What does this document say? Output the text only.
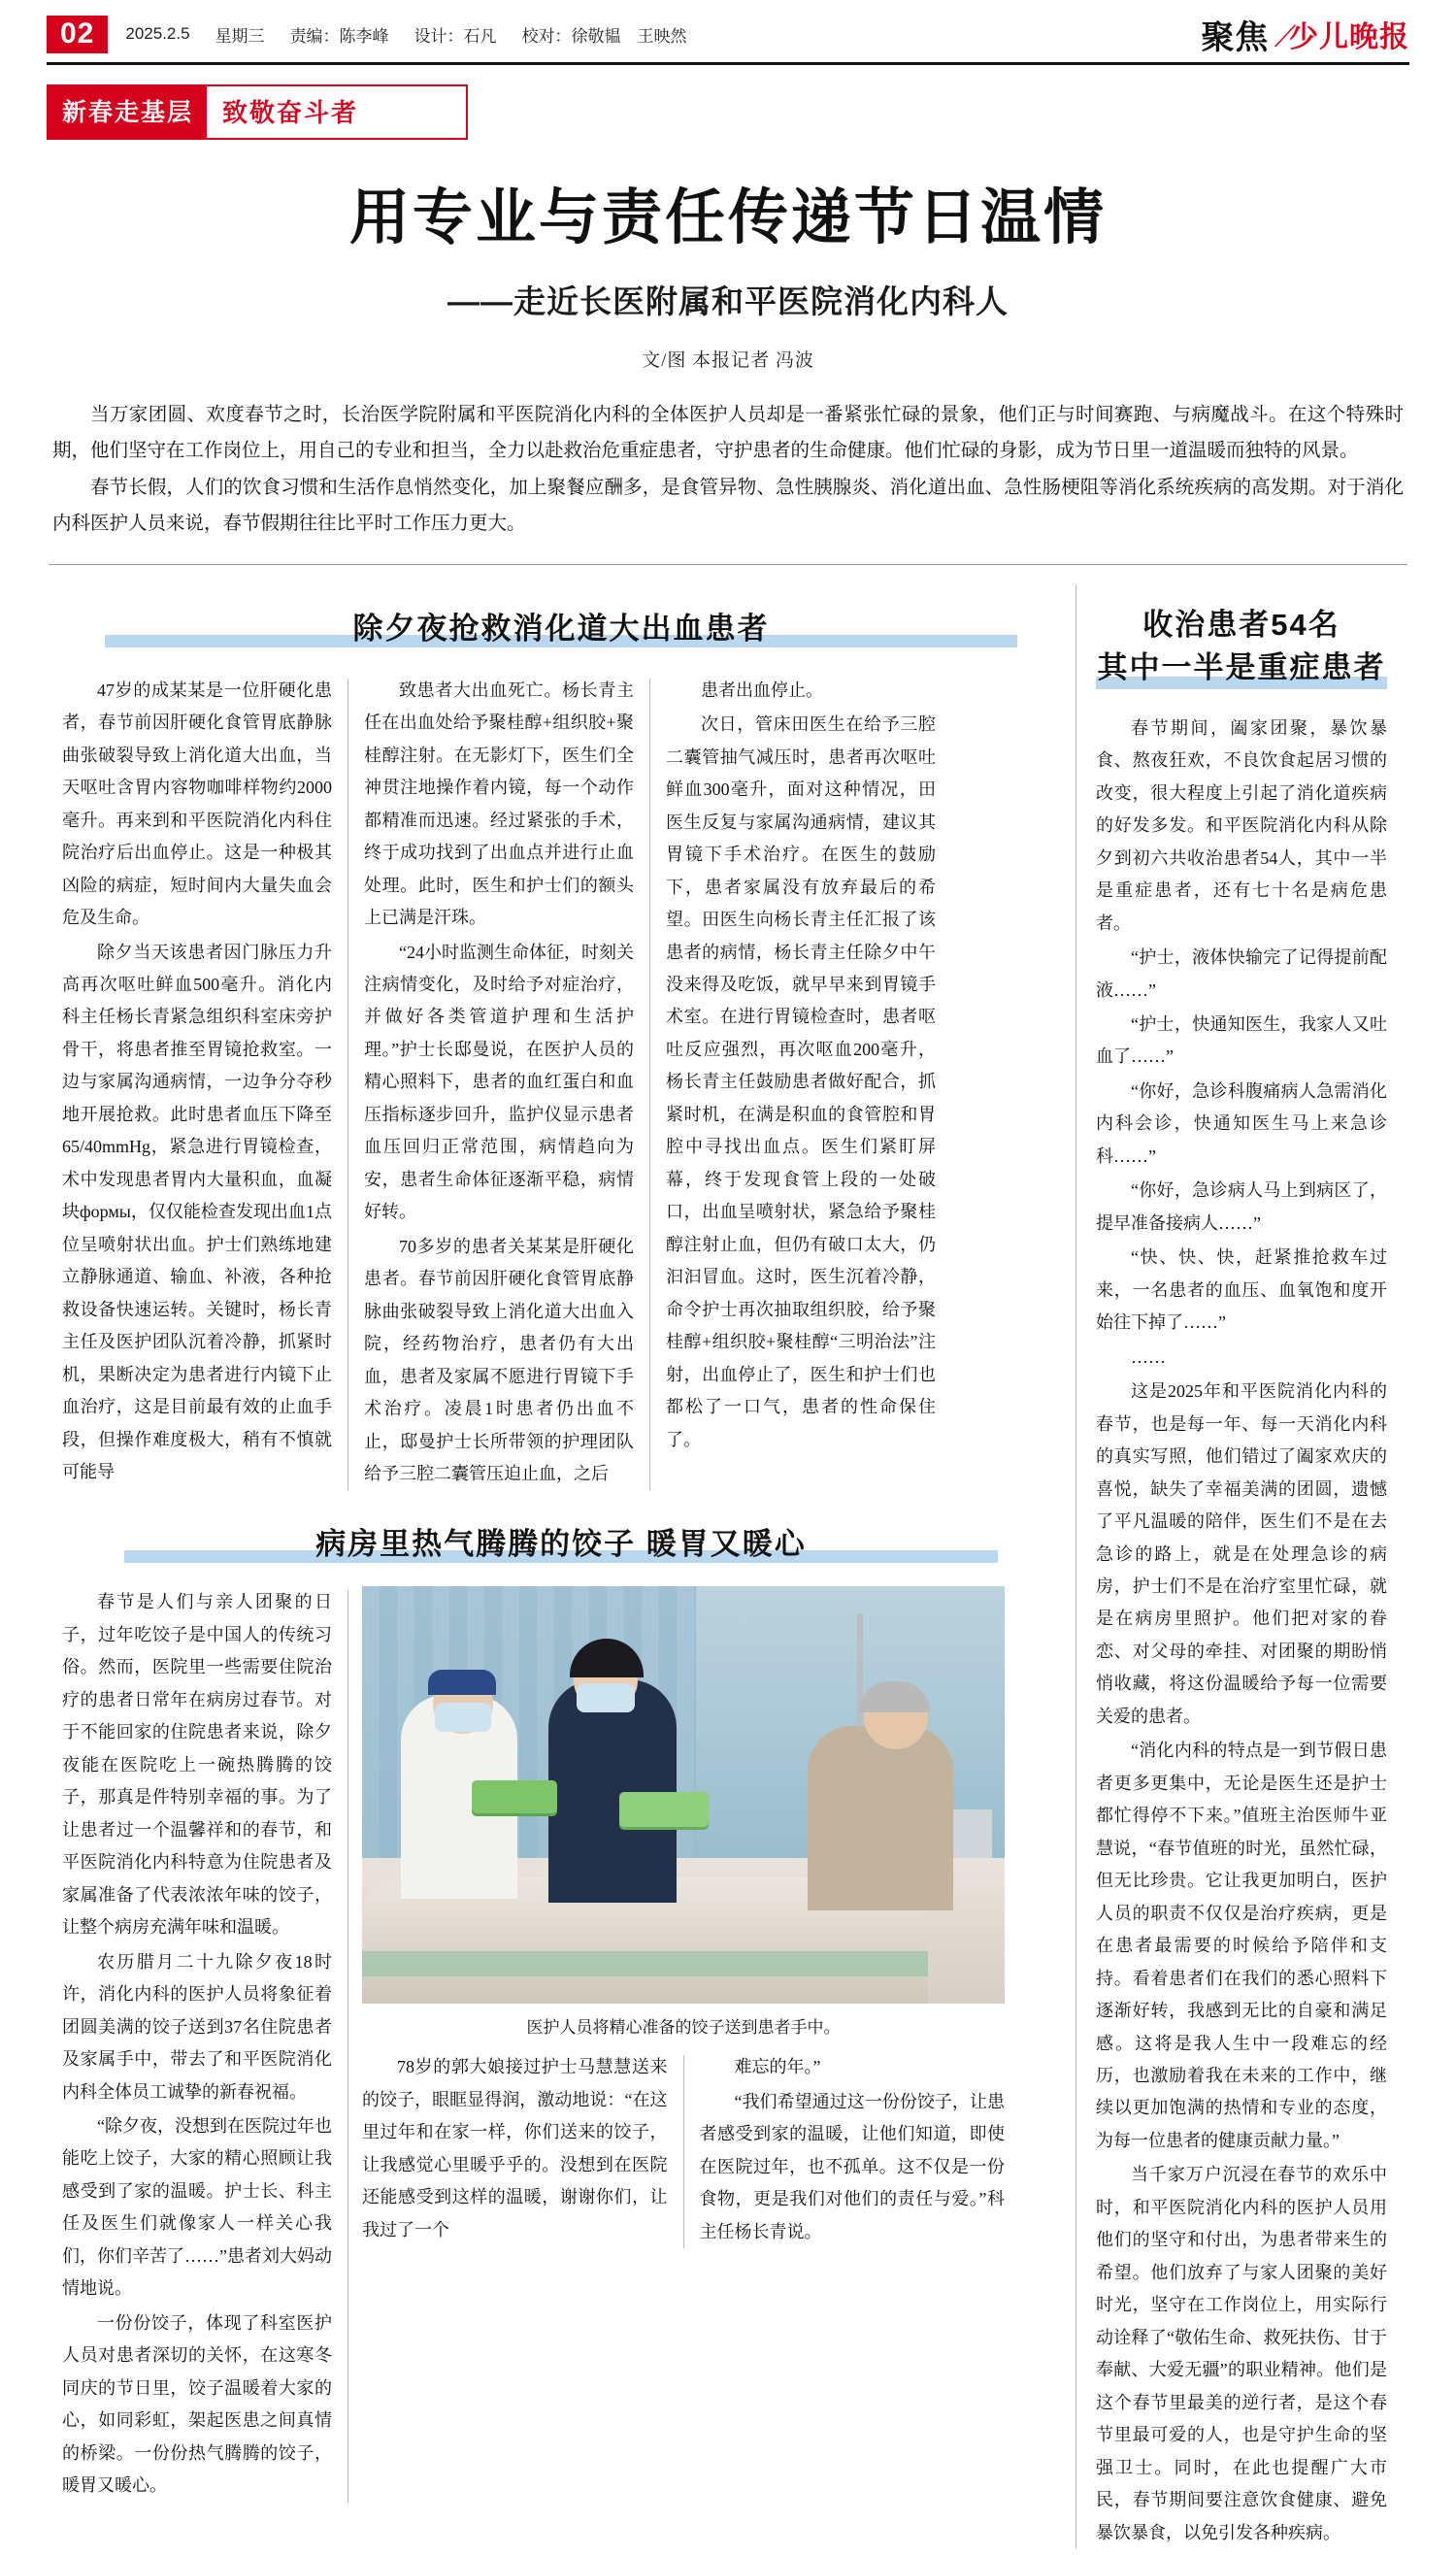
02	2025.2.5 星期三 责编：陈李峰 设计：石凡 校对：徐敬韫　王映然	聚焦 ⁄少儿晚报
新春走基层	致敬奋斗者
用专业与责任传递节日温情
——走近长医附属和平医院消化内科人
文/图 本报记者 冯波

当万家团圆、欢度春节之时，长治医学院附属和平医院消化内科的全体医护人员却是一番紧张忙碌的景象，他们正与时间赛跑、与病魔战斗。在这个特殊时期，他们坚守在工作岗位上，用自己的专业和担当，全力以赴救治危重症患者，守护患者的生命健康。他们忙碌的身影，成为节日里一道温暖而独特的风景。

春节长假，人们的饮食习惯和生活作息悄然变化，加上聚餐应酬多，是食管异物、急性胰腺炎、消化道出血、急性肠梗阻等消化系统疾病的高发期。对于消化内科医护人员来说，春节假期往往比平时工作压力更大。

除夕夜抢救消化道大出血患者

47岁的成某某是一位肝硬化患者，春节前因肝硬化食管胃底静脉曲张破裂导致上消化道大出血，当天呕吐含胃内容物咖啡样物约2000毫升。再来到和平医院消化内科住院治疗后出血停止。这是一种极其凶险的病症，短时间内大量失血会危及生命。

除夕当天该患者因门脉压力升高再次呕吐鲜血500毫升。消化内科主任杨长青紧急组织科室床旁护骨干，将患者推至胃镜抢救室。一边与家属沟通病情，一边争分夺秒地开展抢救。此时患者血压下降至65/40mmHg，紧急进行胃镜检查，术中发现患者胃内大量积血，血凝块формы，仅仅能检查发现出血1点位呈喷射状出血。护士们熟练地建立静脉通道、输血、补液，各种抢救设备快速运转。关键时，杨长青主任及医护团队沉着冷静，抓紧时机，果断决定为患者进行内镜下止血治疗，这是目前最有效的止血手段，但操作难度极大，稍有不慎就可能导

致患者大出血死亡。杨长青主任在出血处给予聚桂醇+组织胶+聚桂醇注射。在无影灯下，医生们全神贯注地操作着内镜，每一个动作都精准而迅速。经过紧张的手术，终于成功找到了出血点并进行止血处理。此时，医生和护士们的额头上已满是汗珠。

“24小时监测生命体征，时刻关注病情变化，及时给予对症治疗，并做好各类管道护理和生活护理。”护士长邸曼说，在医护人员的精心照料下，患者的血红蛋白和血压指标逐步回升，监护仪显示患者血压回归正常范围，病情趋向为安，患者生命体征逐渐平稳，病情好转。

70多岁的患者关某某是肝硬化患者。春节前因肝硬化食管胃底静脉曲张破裂导致上消化道大出血入院，经药物治疗，患者仍有大出血，患者及家属不愿进行胃镜下手术治疗。凌晨1时患者仍出血不止，邸曼护士长所带领的护理团队给予三腔二囊管压迫止血，之后

患者出血停止。

次日，管床田医生在给予三腔二囊管抽气减压时，患者再次呕吐鲜血300毫升，面对这种情况，田医生反复与家属沟通病情，建议其胃镜下手术治疗。在医生的鼓励下，患者家属没有放弃最后的希望。田医生向杨长青主任汇报了该患者的病情，杨长青主任除夕中午没来得及吃饭，就早早来到胃镜手术室。在进行胃镜检查时，患者呕吐反应强烈，再次呕血200毫升，杨长青主任鼓励患者做好配合，抓紧时机，在满是积血的食管腔和胃腔中寻找出血点。医生们紧盯屏幕，终于发现食管上段的一处破口，出血呈喷射状，紧急给予聚桂醇注射止血，但仍有破口太大，仍汩汩冒血。这时，医生沉着冷静，命令护士再次抽取组织胶，给予聚桂醇+组织胶+聚桂醇“三明治法”注射，出血停止了，医生和护士们也都松了一口气，患者的性命保住了。

病房里热气腾腾的饺子 暖胃又暖心

春节是人们与亲人团聚的日子，过年吃饺子是中国人的传统习俗。然而，医院里一些需要住院治疗的患者日常年在病房过春节。对于不能回家的住院患者来说，除夕夜能在医院吃上一碗热腾腾的饺子，那真是件特别幸福的事。为了让患者过一个温馨祥和的春节，和平医院消化内科特意为住院患者及家属准备了代表浓浓年味的饺子，让整个病房充满年味和温暖。

农历腊月二十九除夕夜18时许，消化内科的医护人员将象征着团圆美满的饺子送到37名住院患者及家属手中，带去了和平医院消化内科全体员工诚挚的新春祝福。

“除夕夜，没想到在医院过年也能吃上饺子，大家的精心照顾让我感受到了家的温暖。护士长、科主任及医生们就像家人一样关心我们，你们辛苦了……”患者刘大妈动情地说。

一份份饺子，体现了科室医护人员对患者深切的关怀，在这寒冬同庆的节日里，饺子温暖着大家的心，如同彩虹，架起医患之间真情的桥梁。一份份热气腾腾的饺子，暖胃又暖心。

医护人员将精心准备的饺子送到患者手中。

78岁的郭大娘接过护士马慧慧送来的饺子，眼眶显得润，激动地说：“在这里过年和在家一样，你们送来的饺子，让我感觉心里暖乎乎的。没想到在医院还能感受到这样的温暖，谢谢你们，让我过了一个

难忘的年。”

“我们希望通过这一份份饺子，让患者感受到家的温暖，让他们知道，即使在医院过年，也不孤单。这不仅是一份食物，更是我们对他们的责任与爱。”科主任杨长青说。

收治患者54名
其中一半是重症患者

春节期间，阖家团聚，暴饮暴食、熬夜狂欢，不良饮食起居习惯的改变，很大程度上引起了消化道疾病的好发多发。和平医院消化内科从除夕到初六共收治患者54人，其中一半是重症患者，还有七十名是病危患者。

“护士，液体快输完了记得提前配液……”

“护士，快通知医生，我家人又吐血了……”

“你好，急诊科腹痛病人急需消化内科会诊，快通知医生马上来急诊科……”

“你好，急诊病人马上到病区了，提早准备接病人……”

“快、快、快，赶紧推抢救车过来，一名患者的血压、血氧饱和度开始往下掉了……”

……

这是2025年和平医院消化内科的春节，也是每一年、每一天消化内科的真实写照，他们错过了阖家欢庆的喜悦，缺失了幸福美满的团圆，遗憾了平凡温暖的陪伴，医生们不是在去急诊的路上，就是在处理急诊的病房，护士们不是在治疗室里忙碌，就是在病房里照护。他们把对家的眷恋、对父母的牵挂、对团聚的期盼悄悄收藏，将这份温暖给予每一位需要关爱的患者。

“消化内科的特点是一到节假日患者更多更集中，无论是医生还是护士都忙得停不下来。”值班主治医师牛亚慧说，“春节值班的时光，虽然忙碌，但无比珍贵。它让我更加明白，医护人员的职责不仅仅是治疗疾病，更是在患者最需要的时候给予陪伴和支持。看着患者们在我们的悉心照料下逐渐好转，我感到无比的自豪和满足感。这将是我人生中一段难忘的经历，也激励着我在未来的工作中，继续以更加饱满的热情和专业的态度，为每一位患者的健康贡献力量。”

当千家万户沉浸在春节的欢乐中时，和平医院消化内科的医护人员用他们的坚守和付出，为患者带来生的希望。他们放弃了与家人团聚的美好时光，坚守在工作岗位上，用实际行动诠释了“敬佑生命、救死扶伤、甘于奉献、大爱无疆”的职业精神。他们是这个春节里最美的逆行者，是这个春节里最可爱的人，也是守护生命的坚强卫士。同时，在此也提醒广大市民，春节期间要注意饮食健康、避免暴饮暴食，以免引发各种疾病。
